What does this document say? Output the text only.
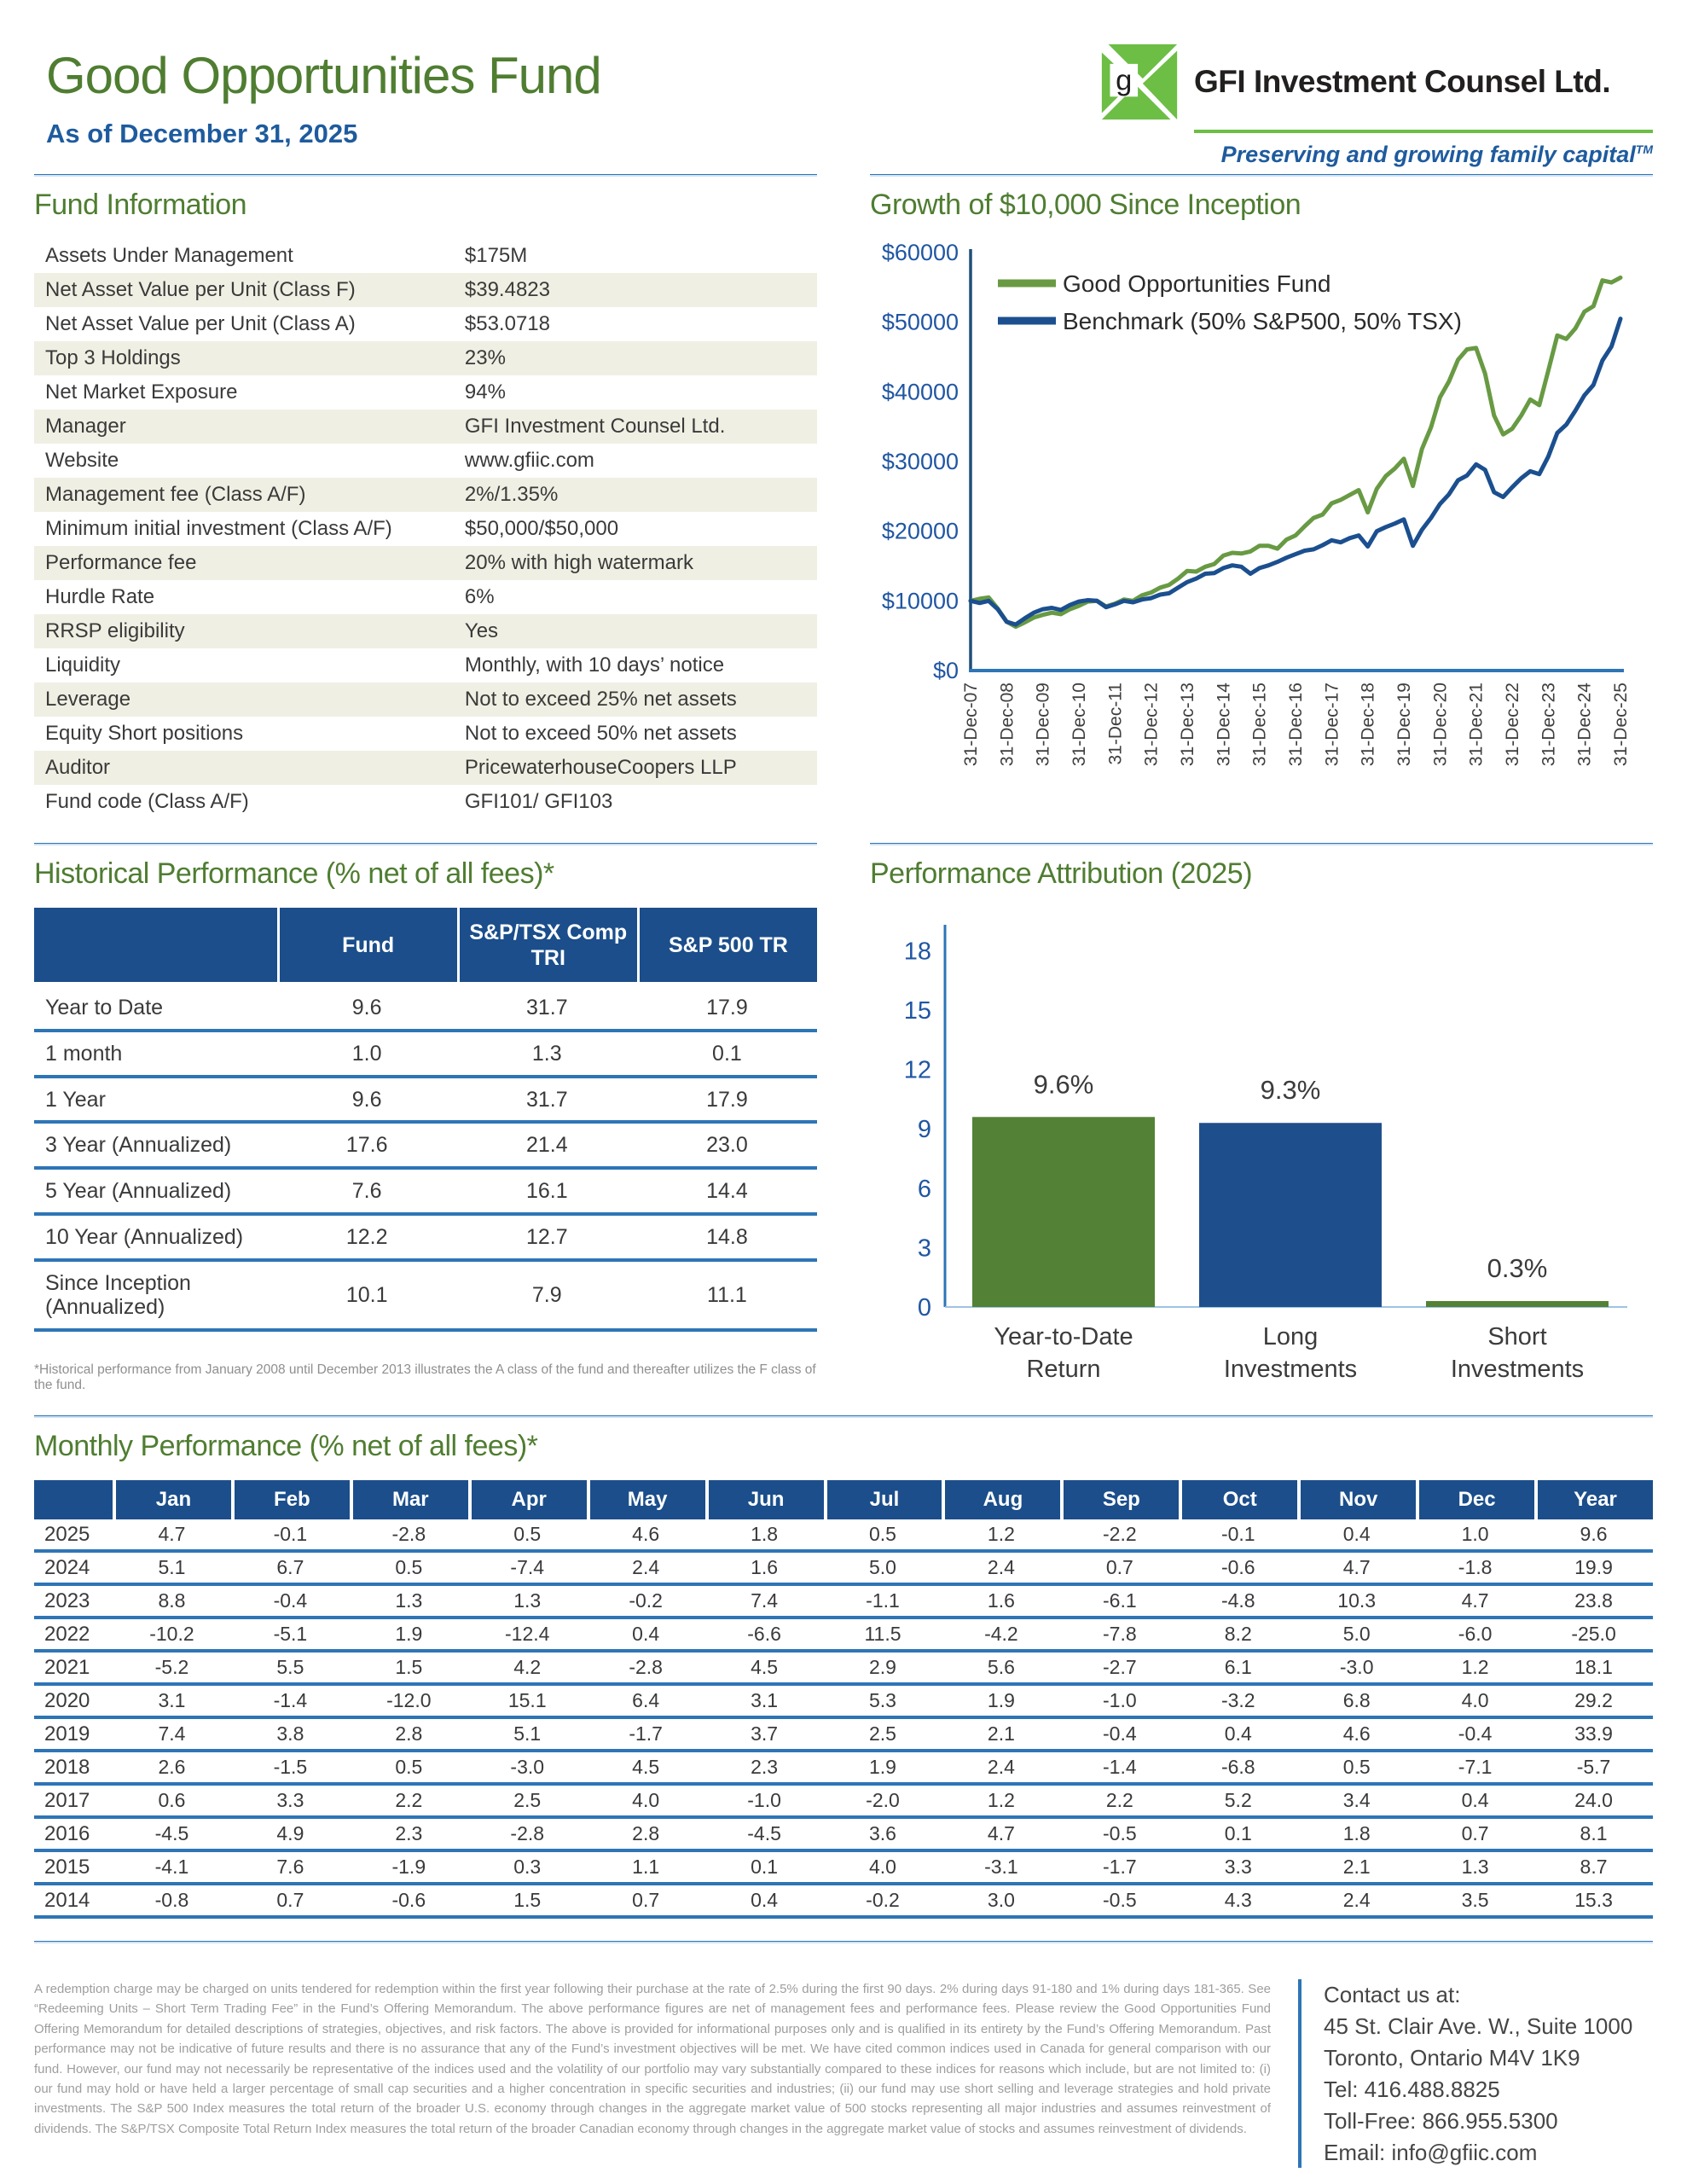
Good Opportunities Fund
As of December 31, 2025
g GFI Investment Counsel Ltd.
Preserving and growing family capital™
Fund Information
Assets Under Management	$175M
Net Asset Value per Unit (Class F)	$39.4823
Net Asset Value per Unit (Class A)	$53.0718
Top 3 Holdings	23%
Net Market Exposure	94%
Manager	GFI Investment Counsel Ltd.
Website	www.gfiic.com
Management fee (Class A/F)	2%/1.35%
Minimum initial investment (Class A/F)	$50,000/$50,000
Performance fee	20% with high watermark
Hurdle Rate	6%
RRSP eligibility	Yes
Liquidity	Monthly, with 10 days’ notice
Leverage	Not to exceed 25% net assets
Equity Short positions	Not to exceed 50% net assets
Auditor	PricewaterhouseCoopers LLP
Fund code (Class A/F)	GFI101/ GFI103
Growth of $10,000 Since Inception
$0
$10000
$20000
$30000
$40000
$50000
$60000
31-Dec-07 31-Dec-08 31-Dec-09 31-Dec-10 31-Dec-11 31-Dec-12 31-Dec-13 31-Dec-14 31-Dec-15 31-Dec-16 31-Dec-17 31-Dec-18 31-Dec-19 31-Dec-20 31-Dec-21 31-Dec-22 31-Dec-23 31-Dec-24 31-Dec-25
Good Opportunities Fund
Benchmark (50% S&P500, 50% TSX)
Historical Performance (% net of all fees)*
	Fund	S&P/TSX Comp TRI	S&P 500 TR
Year to Date	9.6	31.7	17.9
1 month	1.0	1.3	0.1
1 Year	9.6	31.7	17.9
3 Year (Annualized)	17.6	21.4	23.0
5 Year (Annualized)	7.6	16.1	14.4
10 Year (Annualized)	12.2	12.7	14.8
Since Inception (Annualized)	10.1	7.9	11.1
*Historical performance from January 2008 until December 2013 illustrates the A class of the fund and thereafter utilizes the F class of the fund.
Performance Attribution (2025)
0
3
6
9
12
15
18
9.6%
Year-to-Date
Return
9.3%
Long
Investments
0.3%
Short
Investments
Monthly Performance (% net of all fees)*
	Jan	Feb	Mar	Apr	May	Jun	Jul	Aug	Sep	Oct	Nov	Dec	Year
2025	4.7	-0.1	-2.8	0.5	4.6	1.8	0.5	1.2	-2.2	-0.1	0.4	1.0	9.6
2024	5.1	6.7	0.5	-7.4	2.4	1.6	5.0	2.4	0.7	-0.6	4.7	-1.8	19.9
2023	8.8	-0.4	1.3	1.3	-0.2	7.4	-1.1	1.6	-6.1	-4.8	10.3	4.7	23.8
2022	-10.2	-5.1	1.9	-12.4	0.4	-6.6	11.5	-4.2	-7.8	8.2	5.0	-6.0	-25.0
2021	-5.2	5.5	1.5	4.2	-2.8	4.5	2.9	5.6	-2.7	6.1	-3.0	1.2	18.1
2020	3.1	-1.4	-12.0	15.1	6.4	3.1	5.3	1.9	-1.0	-3.2	6.8	4.0	29.2
2019	7.4	3.8	2.8	5.1	-1.7	3.7	2.5	2.1	-0.4	0.4	4.6	-0.4	33.9
2018	2.6	-1.5	0.5	-3.0	4.5	2.3	1.9	2.4	-1.4	-6.8	0.5	-7.1	-5.7
2017	0.6	3.3	2.2	2.5	4.0	-1.0	-2.0	1.2	2.2	5.2	3.4	0.4	24.0
2016	-4.5	4.9	2.3	-2.8	2.8	-4.5	3.6	4.7	-0.5	0.1	1.8	0.7	8.1
2015	-4.1	7.6	-1.9	0.3	1.1	0.1	4.0	-3.1	-1.7	3.3	2.1	1.3	8.7
2014	-0.8	0.7	-0.6	1.5	0.7	0.4	-0.2	3.0	-0.5	4.3	2.4	3.5	15.3
A redemption charge may be charged on units tendered for redemption within the first year following their purchase at the rate of 2.5% during the first 90 days. 2% during days 91-180 and 1% during days 181-365. See “Redeeming Units – Short Term Trading Fee” in the Fund’s Offering Memorandum. The above performance figures are net of management fees and performance fees. Please review the Good Opportunities Fund Offering Memorandum for detailed descriptions of strategies, objectives, and risk factors. The above is provided for informational purposes only and is qualified in its entirety by the Fund’s Offering Memorandum. Past performance may not be indicative of future results and there is no assurance that any of the Fund’s investment objectives will be met. We have cited common indices used in Canada for general comparison with our fund. However, our fund may not necessarily be representative of the indices used and the volatility of our portfolio may vary substantially compared to these indices for reasons which include, but are not limited to: (i) our fund may hold or have held a larger percentage of small cap securities and a higher concentration in specific securities and industries; (ii) our fund may use short selling and leverage strategies and hold private investments. The S&P 500 Index measures the total return of the broader U.S. economy through changes in the aggregate market value of 500 stocks representing all major industries and assumes reinvestment of dividends. The S&P/TSX Composite Total Return Index measures the total return of the broader Canadian economy through changes in the aggregate market value of stocks and assumes reinvestment of dividends.
Contact us at:
45 St. Clair Ave. W., Suite 1000
Toronto, Ontario M4V 1K9
Tel: 416.488.8825
Toll-Free: 866.955.5300
Email: info@gfiic.com
